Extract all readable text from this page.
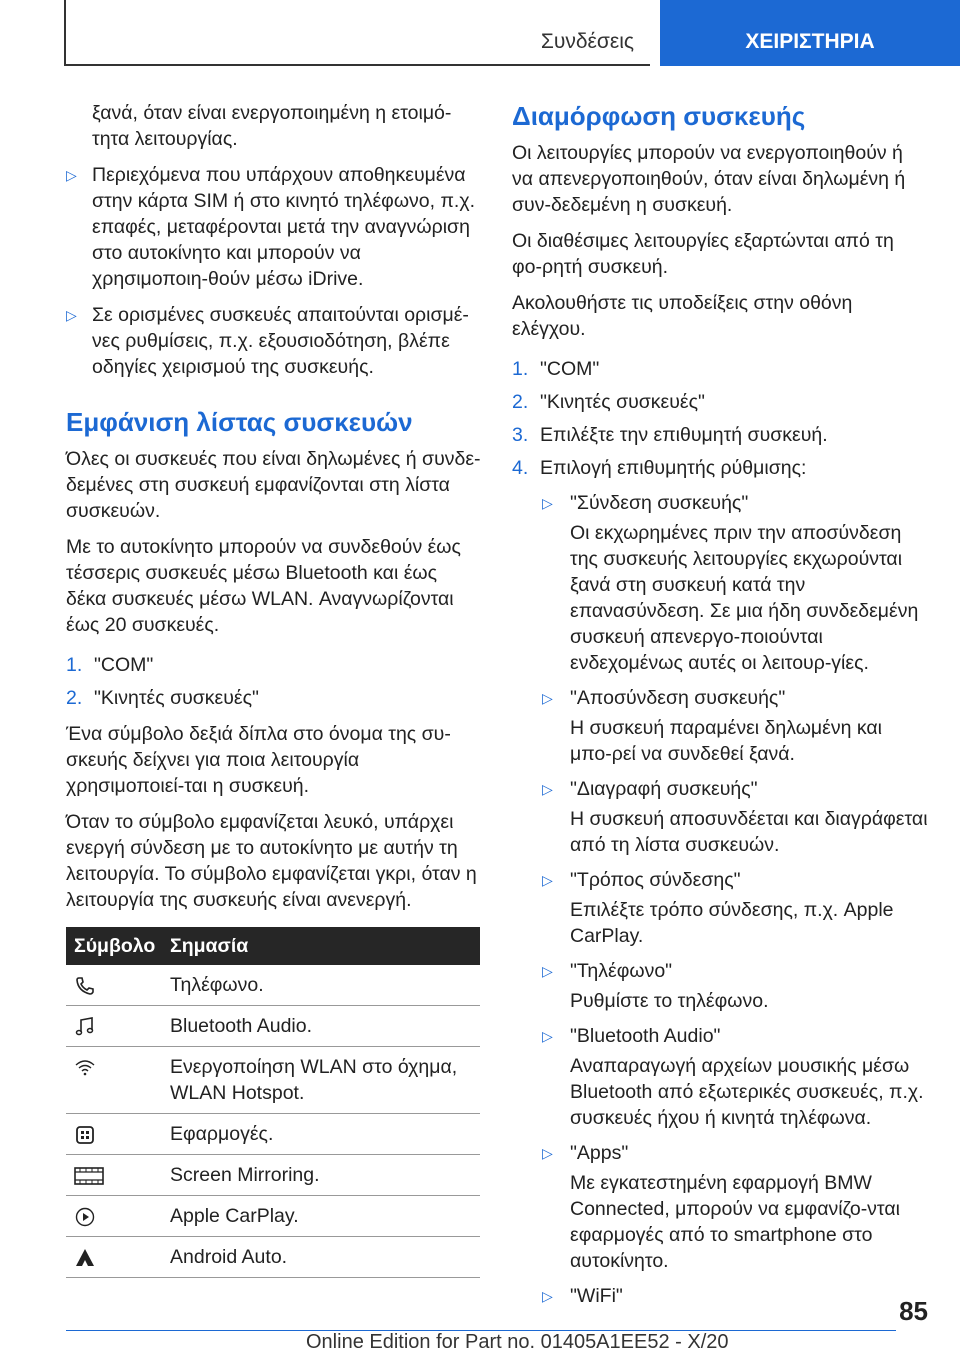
Συνδέσεις	ΧΕΙΡΙΣΤΗΡΙΑ

ξανά, όταν είναι ενεργοποιημένη η ετοιμό-τητα λειτουργίας.

▷ Περιεχόμενα που υπάρχουν αποθηκευμένα στην κάρτα SIM ή στο κινητό τηλέφωνο, π.χ. επαφές, μεταφέρονται μετά την αναγνώριση στο αυτοκίνητο και μπορούν να χρησιμοποιη-θούν μέσω iDrive.
▷ Σε ορισμένες συσκευές απαιτούνται ορισμέ-νες ρυθμίσεις, π.χ. εξουσιοδότηση, βλέπε οδηγίες χειρισμού της συσκευής.
Εμφάνιση λίστας συσκευών

Όλες οι συσκευές που είναι δηλωμένες ή συνδε-δεμένες στη συσκευή εμφανίζονται στη λίστα συσκευών.

Με το αυτοκίνητο μπορούν να συνδεθούν έως τέσσερις συσκευές μέσω Bluetooth και έως δέκα συσκευές μέσω WLAN. Αναγνωρίζονται έως 20 συσκευές.

1. "COM"
2. "Κινητές συσκευές"

Ένα σύμβολο δεξιά δίπλα στο όνομα της συ-σκευής δείχνει για ποια λειτουργία χρησιμοποιεί-ται η συσκευή.

Όταν το σύμβολο εμφανίζεται λευκό, υπάρχει ενεργή σύνδεση με το αυτοκίνητο με αυτήν τη λειτουργία. Το σύμβολο εμφανίζεται γκρι, όταν η λειτουργία της συσκευής είναι ανενεργή.

Σύμβολο	Σημασία
	Τηλέφωνο.
	Bluetooth Audio.
	Ενεργοποίηση WLAN στο όχημα, WLAN Hotspot.
	Εφαρμογές.
	Screen Mirroring.
	Apple CarPlay.
	Android Auto.
Διαμόρφωση συσκευής

Οι λειτουργίες μπορούν να ενεργοποιηθούν ή να απενεργοποιηθούν, όταν είναι δηλωμένη ή συν-δεδεμένη η συσκευή.

Οι διαθέσιμες λειτουργίες εξαρτώνται από τη φο-ρητή συσκευή.

Ακολουθήστε τις υποδείξεις στην οθόνη ελέγχου.

1. "COM"
2. "Κινητές συσκευές"
3. Επιλέξτε την επιθυμητή συσκευή.
4. Επιλογή επιθυμητής ρύθμισης:
▷ "Σύνδεση συσκευής"
Οι εκχωρημένες πριν την αποσύνδεση της συσκευής λειτουργίες εκχωρούνται ξανά στη συσκευή κατά την επανασύνδεση. Σε μια ήδη συνδεδεμένη συσκευή απενεργο-ποιούνται ενδεχομένως αυτές οι λειτουρ-γίες.
▷ "Αποσύνδεση συσκευής"
Η συσκευή παραμένει δηλωμένη και μπο-ρεί να συνδεθεί ξανά.
▷ "Διαγραφή συσκευής"
Η συσκευή αποσυνδέεται και διαγράφεται από τη λίστα συσκευών.
▷ "Τρόπος σύνδεσης"
Επιλέξτε τρόπο σύνδεσης, π.χ. Apple CarPlay.
▷ "Τηλέφωνο"
Ρυθμίστε το τηλέφωνο.
▷ "Bluetooth Audio"
Αναπαραγωγή αρχείων μουσικής μέσω Bluetooth από εξωτερικές συσκευές, π.χ. συσκευές ήχου ή κινητά τηλέφωνα.
▷ "Apps"
Με εγκατεστημένη εφαρμογή BMW Connected, μπορούν να εμφανίζο-νται εφαρμογές από το smartphone στο αυτοκίνητο.
▷ "WiFi"	85
Online Edition for Part no. 01405A1EE52 - X/20
